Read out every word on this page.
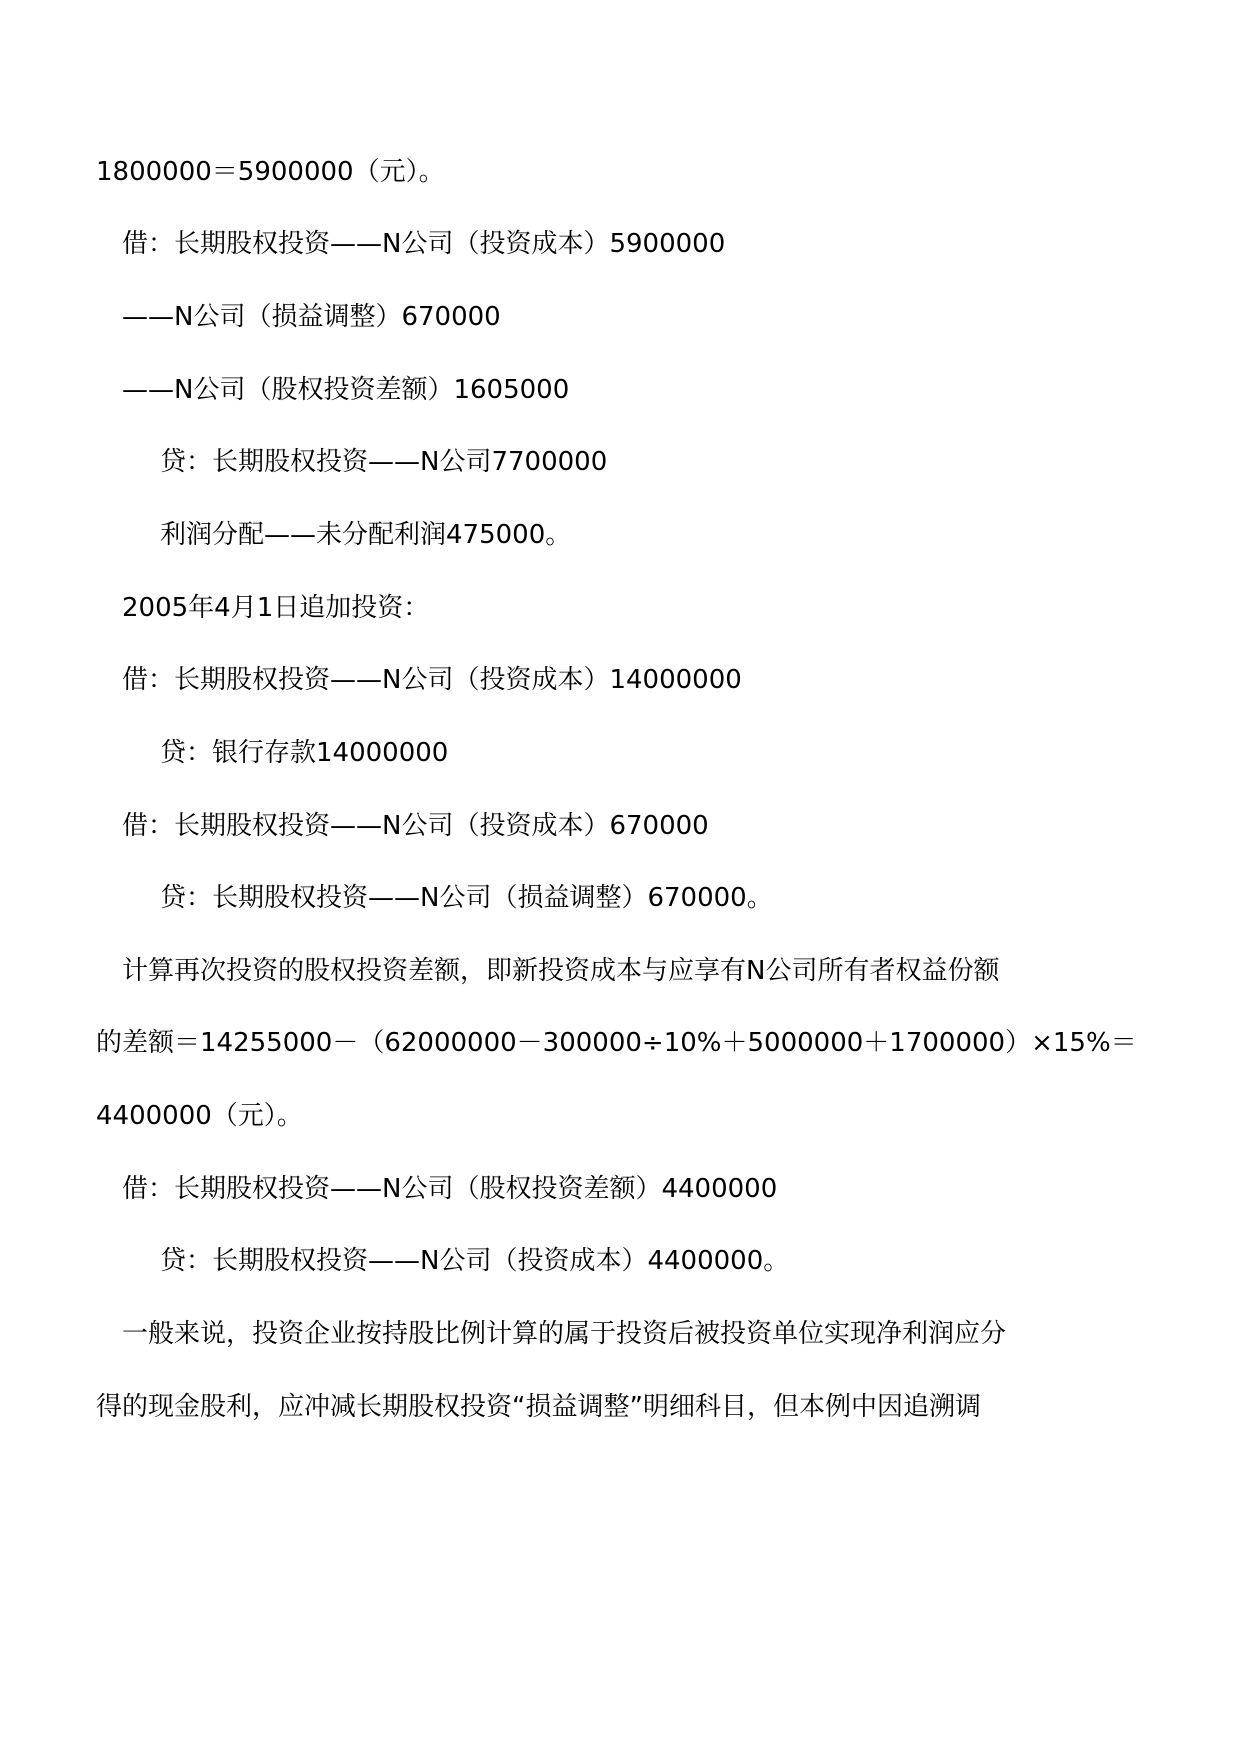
1800000＝5900000（元）。
借：长期股权投资——N公司（投资成本）5900000
——N公司（损益调整）670000
——N公司（股权投资差额）1605000
贷：长期股权投资——N公司7700000
利润分配——未分配利润475000。
2005年4月1日追加投资：
借：长期股权投资——N公司（投资成本）14000000
贷：银行存款14000000
借：长期股权投资——N公司（投资成本）670000
贷：长期股权投资——N公司（损益调整）670000。
计算再次投资的股权投资差额，即新投资成本与应享有N公司所有者权益份额
的差额＝14255000－（62000000－300000÷10%＋5000000＋1700000）×15%＝
4400000（元）。
借：长期股权投资——N公司（股权投资差额）4400000
贷：长期股权投资——N公司（投资成本）4400000。
一般来说，投资企业按持股比例计算的属于投资后被投资单位实现净利润应分
得的现金股利，应冲减长期股权投资“损益调整”明细科目，但本例中因追溯调
